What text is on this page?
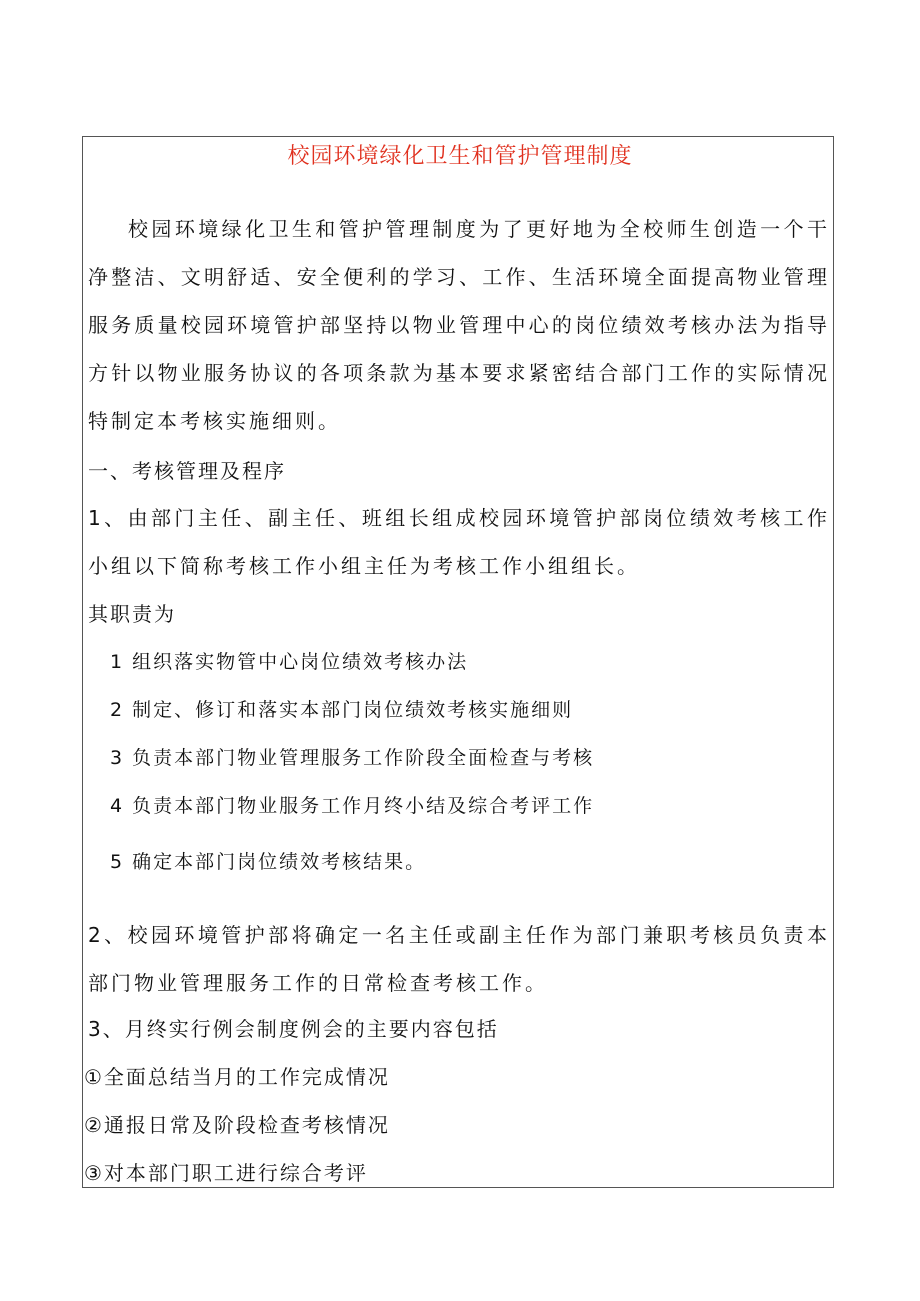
校园环境绿化卫生和管护管理制度

校园环境绿化卫生和管护管理制度为了更好地为全校师生创造一个干净整洁、文明舒适、安全便利的学习、工作、生活环境全面提高物业管理服务质量校园环境管护部坚持以物业管理中心的岗位绩效考核办法为指导方针以物业服务协议的各项条款为基本要求紧密结合部门工作的实际情况特制定本考核实施细则。

一、考核管理及程序

1、由部门主任、副主任、班组长组成校园环境管护部岗位绩效考核工作小组以下简称考核工作小组主任为考核工作小组组长。

其职责为

1 组织落实物管中心岗位绩效考核办法

2 制定、修订和落实本部门岗位绩效考核实施细则

3 负责本部门物业管理服务工作阶段全面检查与考核

4 负责本部门物业服务工作月终小结及综合考评工作

5 确定本部门岗位绩效考核结果。

2、校园环境管护部将确定一名主任或副主任作为部门兼职考核员负责本部门物业管理服务工作的日常检查考核工作。

3、月终实行例会制度例会的主要内容包括

①全面总结当月的工作完成情况

②通报日常及阶段检查考核情况

③对本部门职工进行综合考评
